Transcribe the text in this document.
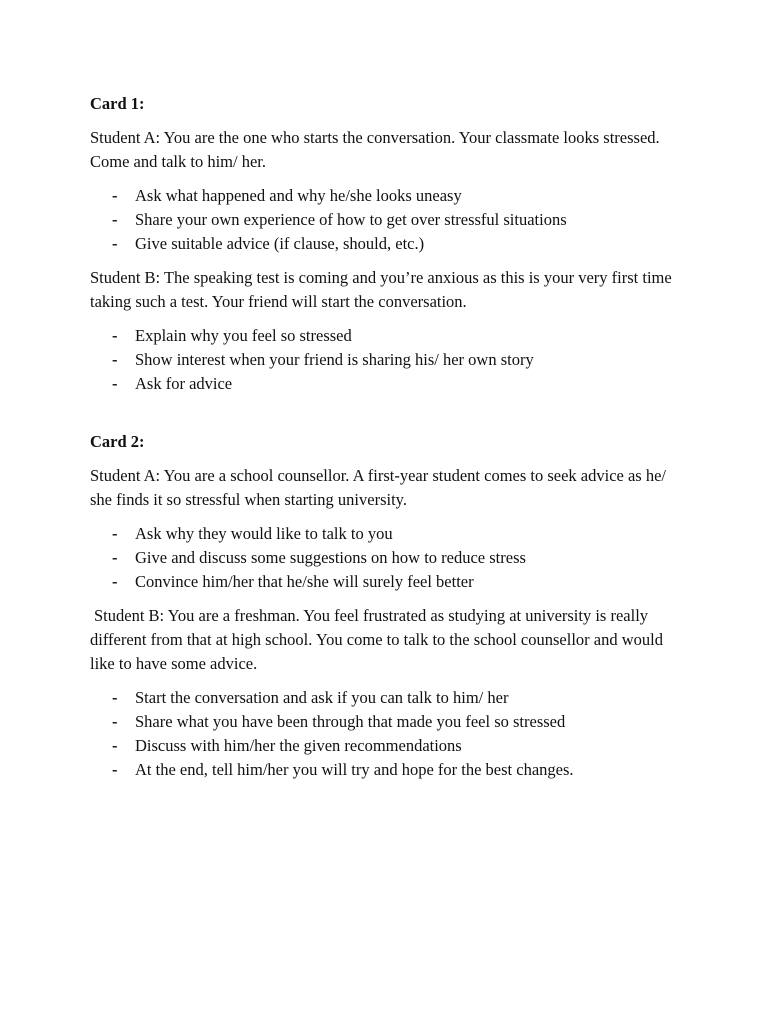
Card 1:

Student A: You are the one who starts the conversation. Your classmate looks stressed. Come and talk to him/ her.

- Ask what happened and why he/she looks uneasy
- Share your own experience of how to get over stressful situations
- Give suitable advice (if clause, should, etc.)

Student B: The speaking test is coming and you’re anxious as this is your very first time taking such a test. Your friend will start the conversation.

- Explain why you feel so stressed
- Show interest when your friend is sharing his/ her own story
- Ask for advice
Card 2:

Student A: You are a school counsellor. A first-year student comes to seek advice as he/ she finds it so stressful when starting university.

- Ask why they would like to talk to you
- Give and discuss some suggestions on how to reduce stress
- Convince him/her that he/she will surely feel better

Student B: You are a freshman. You feel frustrated as studying at university is really different from that at high school. You come to talk to the school counsellor and would like to have some advice.

- Start the conversation and ask if you can talk to him/ her
- Share what you have been through that made you feel so stressed
- Discuss with him/her the given recommendations
- At the end, tell him/her you will try and hope for the best changes.
